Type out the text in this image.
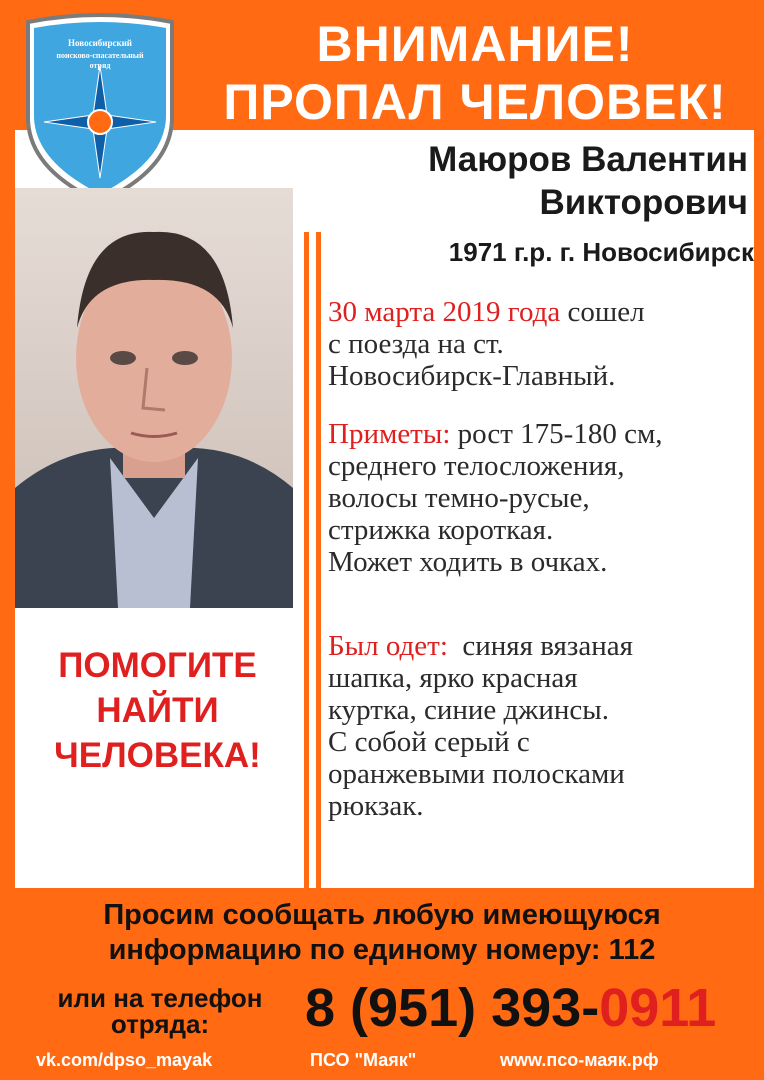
ВНИМАНИЕ!
ПРОПАЛ ЧЕЛОВЕК!
Новосибирский
поисково-спасательный
отряд
Маюров Валентин
Викторович
1971 г.р. г. Новосибирск
ПОМОГИТЕ
НАЙТИ
ЧЕЛОВЕКА!
30 марта 2019 года сошел
с поезда на ст.
Новосибирск-Главный.
Приметы: рост 175-180 см,
среднего телосложения,
волосы темно-русые,
стрижка короткая.
Может ходить в очках.
Был одет: синяя вязаная
шапка, ярко красная
куртка, синие джинсы.
С собой серый с
оранжевыми полосками
рюкзак.
Просим сообщать любую имеющуюся
информацию по единому номеру: 112
или на телефон
отряда:	8 (951) 393-0911
vk.com/dpso_mayak	ПСО "Маяк"	www.псо-маяк.рф
